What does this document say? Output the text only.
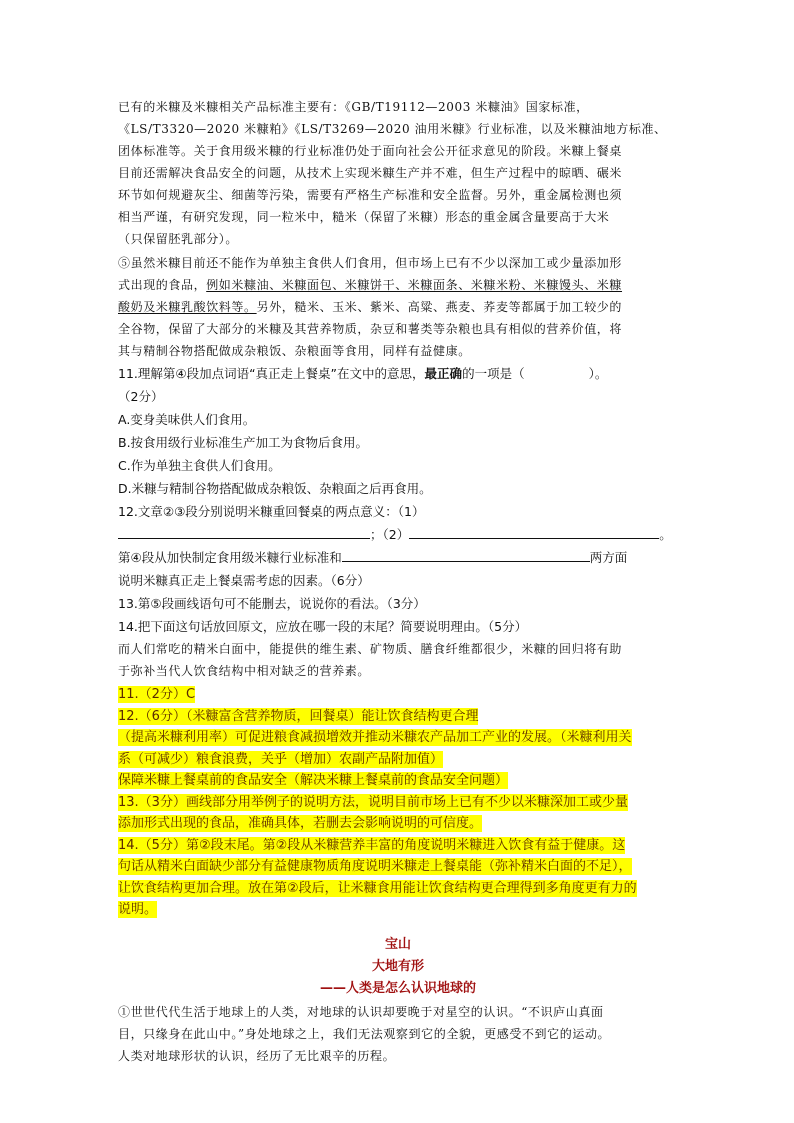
已有的米糠及米糠相关产品标准主要有：《GB/T19112—2003 米糠油》国家标准，

《LS/T3320—2020 米糠粕》《LS/T3269—2020 油用米糠》行业标准，以及米糠油地方标准、

团体标准等。关于食用级米糠的行业标准仍处于面向社会公开征求意见的阶段。米糠上餐桌

目前还需解决食品安全的问题，从技术上实现米糠生产并不难，但生产过程中的晾晒、碾米

环节如何规避灰尘、细菌等污染，需要有严格生产标准和安全监督。另外，重金属检测也须

相当严谨，有研究发现，同一粒米中，糙米（保留了米糠）形态的重金属含量要高于大米

（只保留胚乳部分）。

⑤虽然米糠目前还不能作为单独主食供人们食用，但市场上已有不少以深加工或少量添加形

式出现的食品，例如米糠油、米糠面包、米糠饼干、米糠面条、米糠米粉、米糠馒头、米糠

酸奶及米糠乳酸饮料等。另外，糙米、玉米、紫米、高粱、燕麦、荞麦等都属于加工较少的

全谷物，保留了大部分的米糠及其营养物质，杂豆和薯类等杂粮也具有相似的营养价值，将

其与精制谷物搭配做成杂粮饭、杂粮面等食用，同样有益健康。

11.理解第④段加点词语“真正走上餐桌”在文中的意思，最正确的一项是（	）。

（2分）

A.变身美味供人们食用。

B.按食用级行业标准生产加工为食物后食用。

C.作为单独主食供人们食用。

D.米糠与精制谷物搭配做成杂粮饭、杂粮面之后再食用。

12.文章②③段分别说明米糠重回餐桌的两点意义：（1）

；（2）	。

第④段从加快制定食用级米糠行业标准和	两方面

说明米糠真正走上餐桌需考虑的因素。（6分）

13.第⑤段画线语句可不能删去，说说你的看法。（3分）

14.把下面这句话放回原文，应放在哪一段的末尾？简要说明理由。（5分）

而人们常吃的精米白面中，能提供的维生素、矿物质、膳食纤维都很少，米糠的回归将有助

于弥补当代人饮食结构中相对缺乏的营养素。

11.（2分）C

12.（6分）（米糠富含营养物质，回餐桌）能让饮食结构更合理

（提高米糠利用率）可促进粮食减损增效并推动米糠农产品加工产业的发展。（米糠利用关

系（可减少）粮食浪费，关乎（增加）农副产品附加值）

保障米糠上餐桌前的食品安全（解决米糠上餐桌前的食品安全问题）

13.（3分）画线部分用举例子的说明方法，说明目前市场上已有不少以米糠深加工或少量

添加形式出现的食品，准确具体，若删去会影响说明的可信度。

14.（5分）第②段末尾。第②段从米糠营养丰富的角度说明米糠进入饮食有益于健康。这

句话从精米白面缺少部分有益健康物质角度说明米糠走上餐桌能（弥补精米白面的不足），

让饮食结构更加合理。放在第②段后，让米糠食用能让饮食结构更合理得到多角度更有力的

说明。

宝山

大地有形

——人类是怎么认识地球的

①世世代代生活于地球上的人类，对地球的认识却要晚于对星空的认识。“不识庐山真面

目，只缘身在此山中。”身处地球之上，我们无法观察到它的全貌，更感受不到它的运动。

人类对地球形状的认识，经历了无比艰辛的历程。
